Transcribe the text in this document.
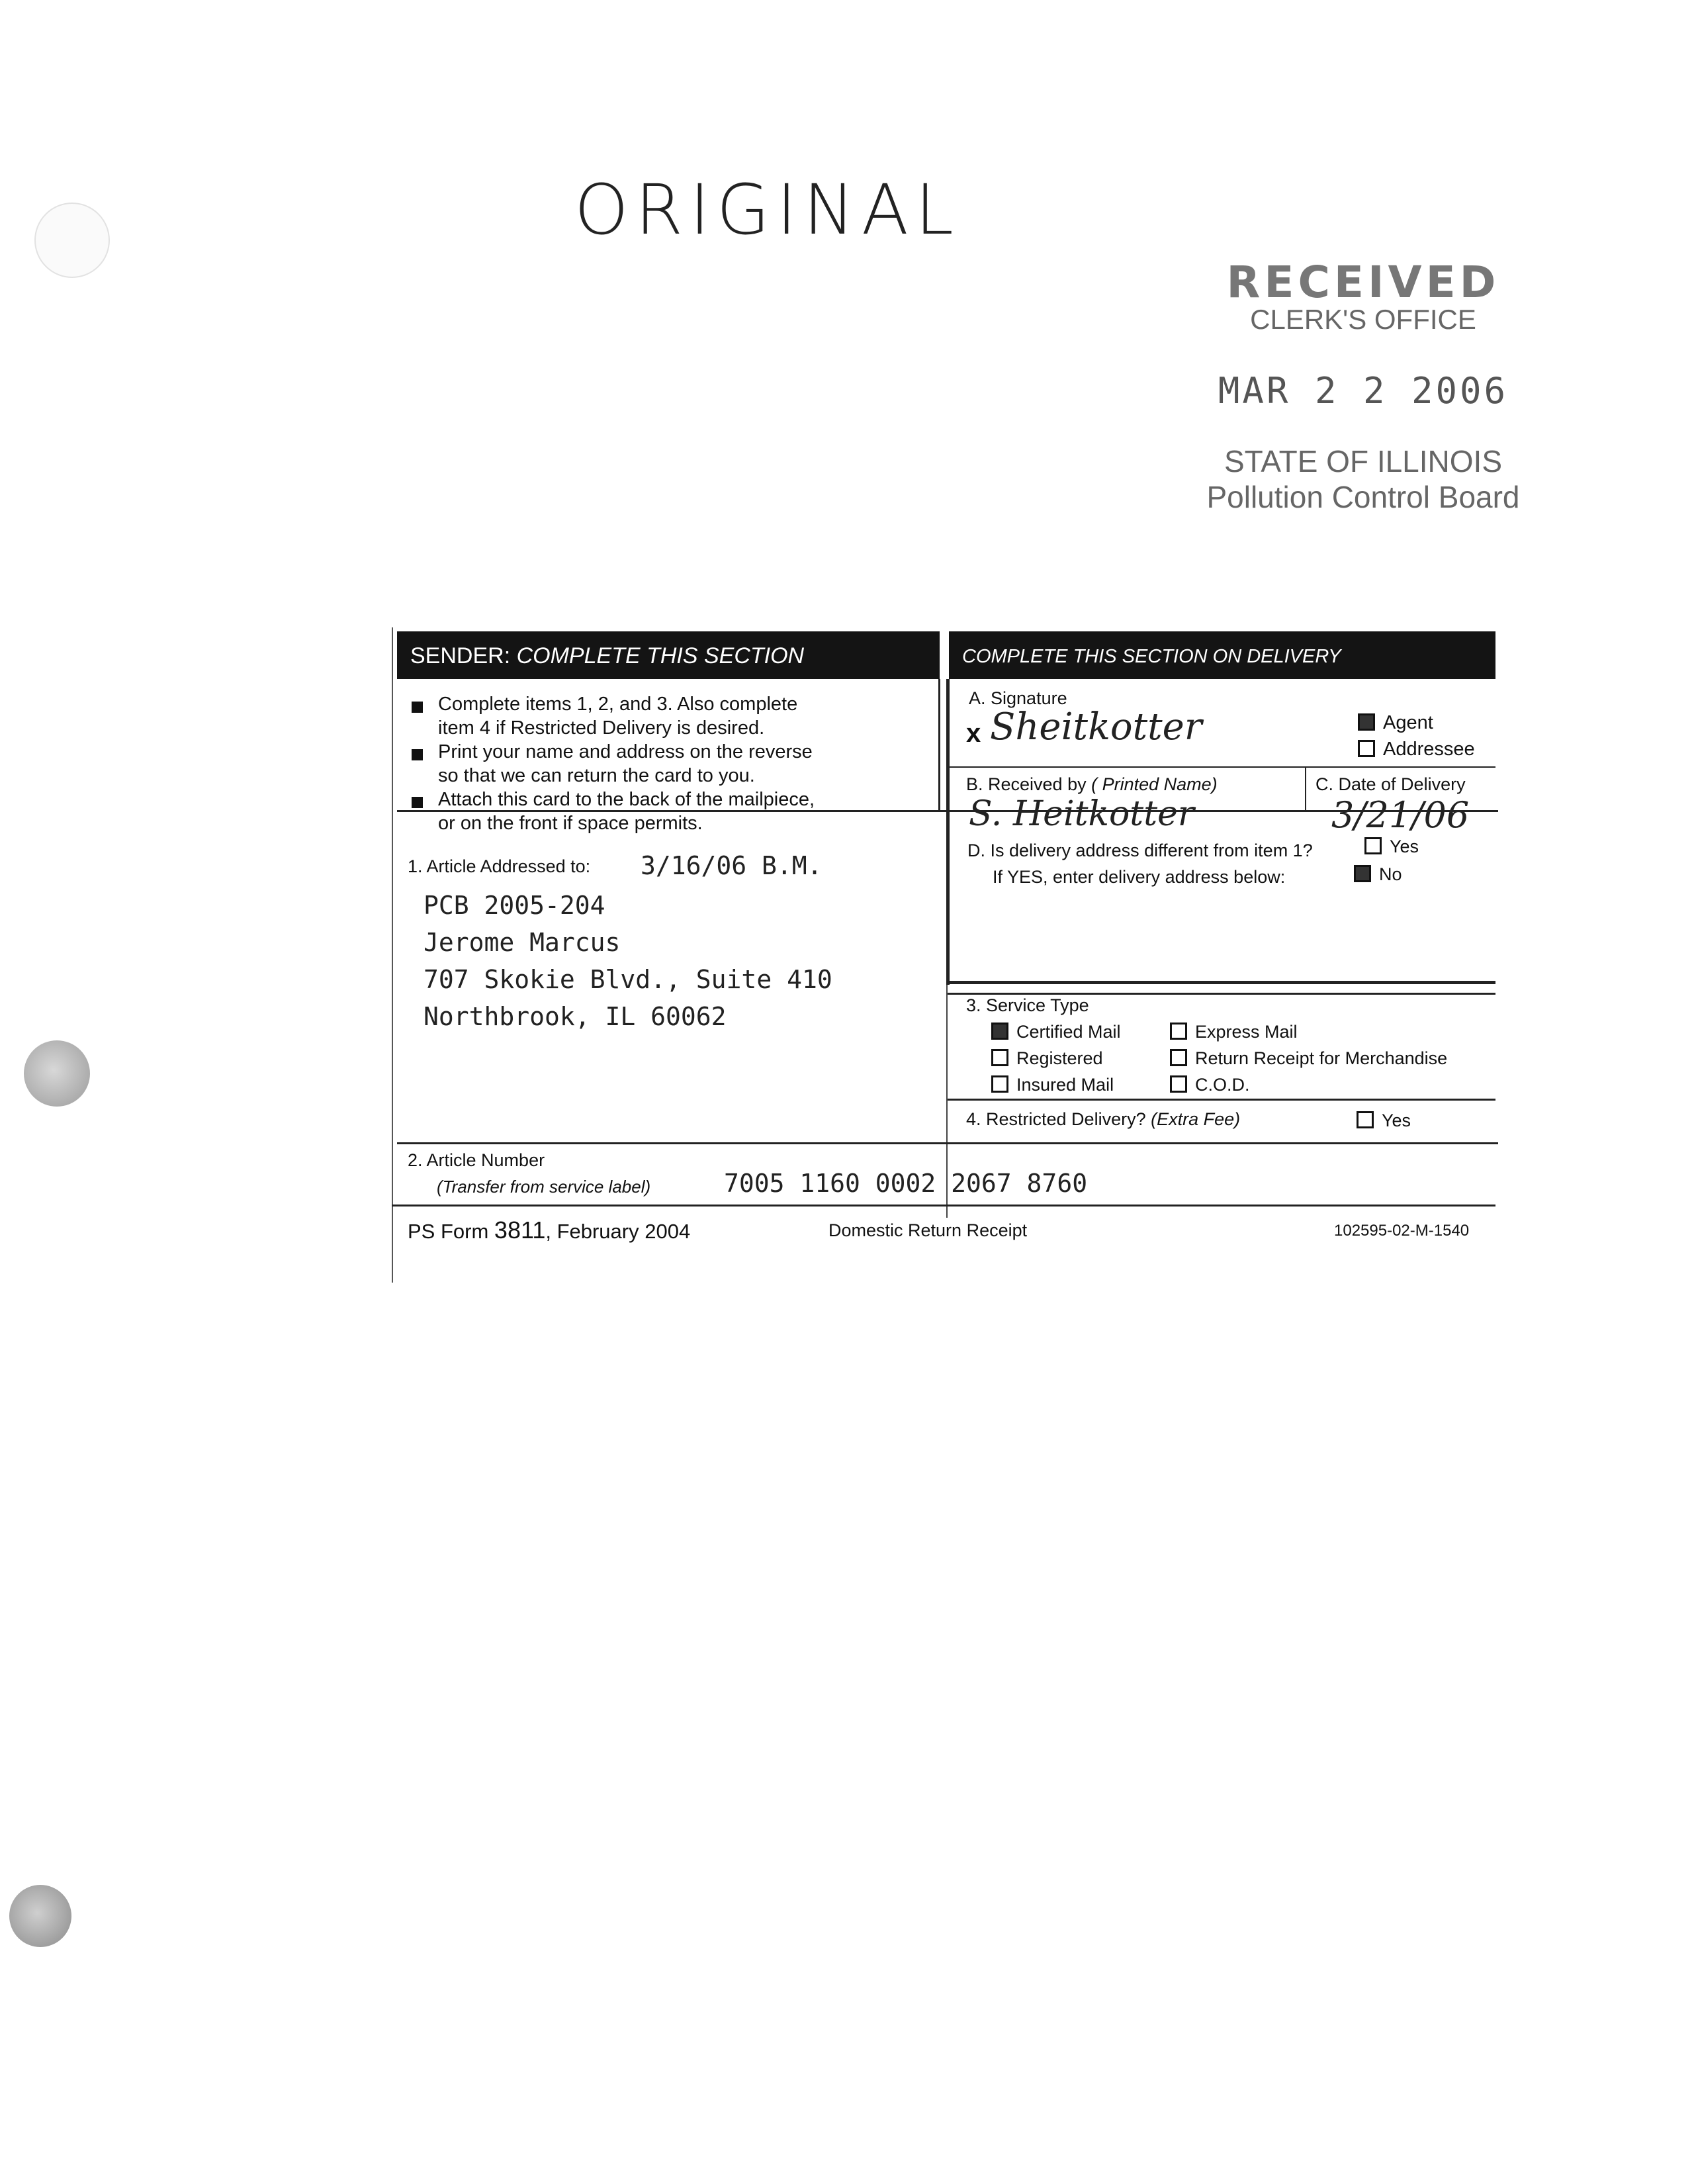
ORIGINAL
RECEIVED
CLERK'S OFFICE
MAR 2 2 2006
STATE OF ILLINOIS
Pollution Control Board
SENDER: COMPLETE THIS SECTION	COMPLETE THIS SECTION ON DELIVERY
Complete items 1, 2, and 3. Also complete
item 4 if Restricted Delivery is desired.
Print your name and address on the reverse
so that we can return the card to you.
Attach this card to the back of the mailpiece,
or on the front if space permits.
1. Article Addressed to: 3/16/06 B.M.
PCB 2005-204
Jerome Marcus
707 Skokie Blvd., Suite 410
Northbrook, IL 60062
A. Signature
x Sheitkotter	Agent
Addressee
B. Received by ( Printed Name)
S. Heitkotter
C. Date of Delivery
3/21/06
D. Is delivery address different from item 1?	Yes
If YES, enter delivery address below:	No
3. Service Type
Certified Mail	Express Mail
Registered	Return Receipt for Merchandise
Insured Mail	C.O.D.
4. Restricted Delivery? (Extra Fee)	Yes
2. Article Number
(Transfer from service label)	7005 1160 0002 2067 8760
PS Form 3811, February 2004	Domestic Return Receipt	102595-02-M-1540
